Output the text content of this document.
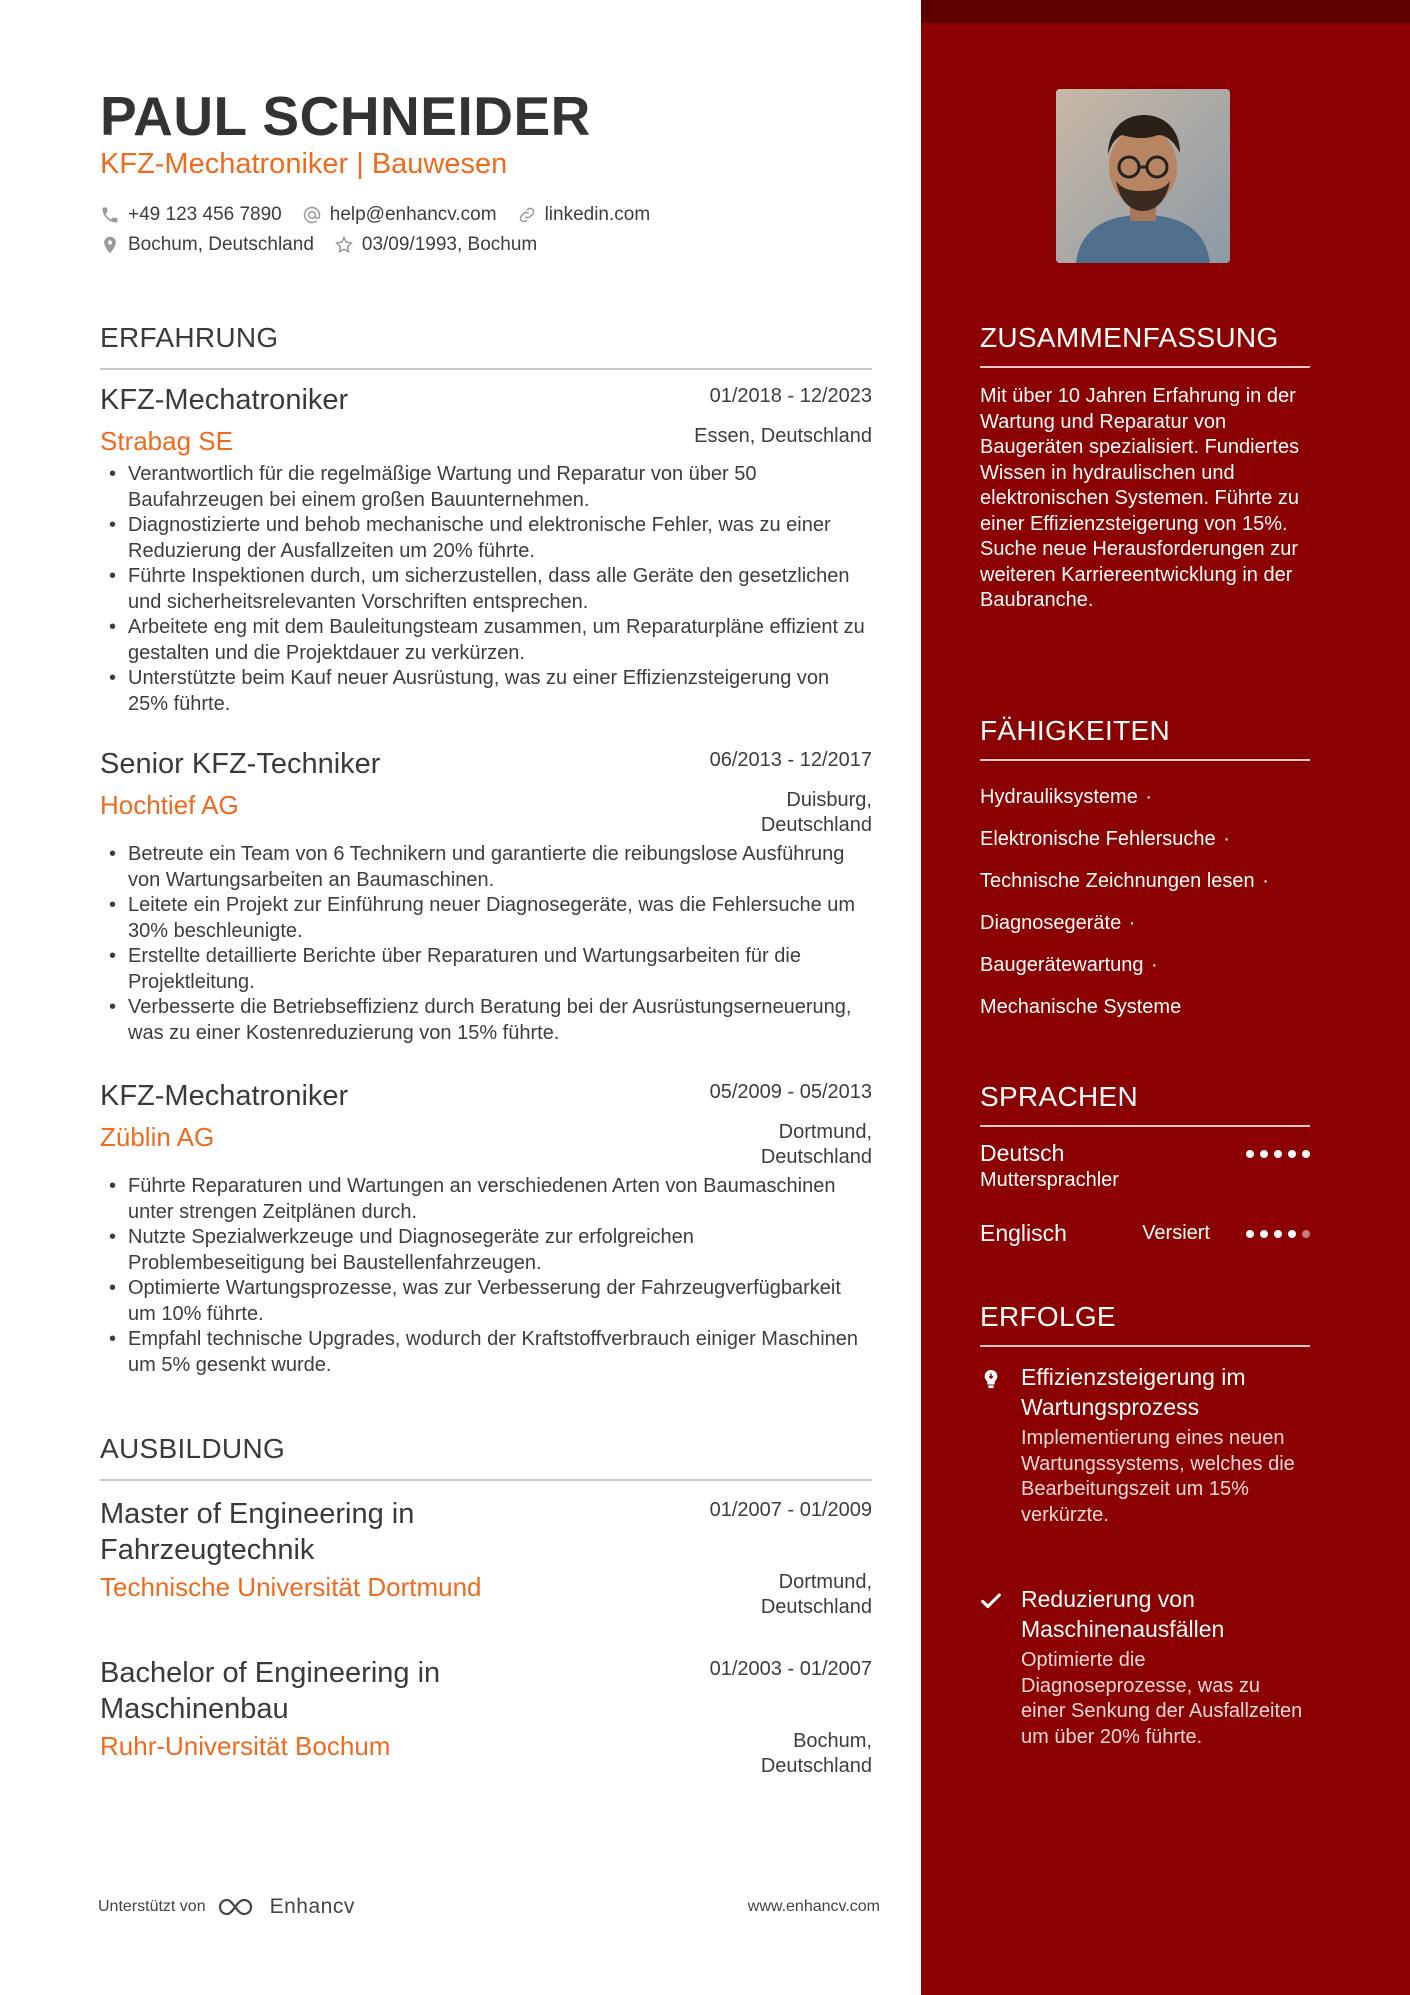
PAUL SCHNEIDER
KFZ-Mechatroniker | Bauwesen
+49 123 456 7890	help@enhancv.com	linkedin.com
Bochum, Deutschland	03/09/1993, Bochum
ERFAHRUNG
KFZ-Mechatroniker	01/2018 - 12/2023
Strabag SE	Essen, Deutschland
• Verantwortlich für die regelmäßige Wartung und Reparatur von über 50 Baufahrzeugen bei einem großen Bauunternehmen.
• Diagnostizierte und behob mechanische und elektronische Fehler, was zu einer Reduzierung der Ausfallzeiten um 20% führte.
• Führte Inspektionen durch, um sicherzustellen, dass alle Geräte den gesetzlichen und sicherheitsrelevanten Vorschriften entsprechen.
• Arbeitete eng mit dem Bauleitungsteam zusammen, um Reparaturpläne effizient zu gestalten und die Projektdauer zu verkürzen.
• Unterstützte beim Kauf neuer Ausrüstung, was zu einer Effizienzsteigerung von 25% führte.
Senior KFZ-Techniker	06/2013 - 12/2017
Hochtief AG	Duisburg,
Deutschland
• Betreute ein Team von 6 Technikern und garantierte die reibungslose Ausführung von Wartungsarbeiten an Baumaschinen.
• Leitete ein Projekt zur Einführung neuer Diagnosegeräte, was die Fehlersuche um 30% beschleunigte.
• Erstellte detaillierte Berichte über Reparaturen und Wartungsarbeiten für die Projektleitung.
• Verbesserte die Betriebseffizienz durch Beratung bei der Ausrüstungserneuerung, was zu einer Kostenreduzierung von 15% führte.
KFZ-Mechatroniker	05/2009 - 05/2013
Züblin AG	Dortmund,
Deutschland
• Führte Reparaturen und Wartungen an verschiedenen Arten von Baumaschinen unter strengen Zeitplänen durch.
• Nutzte Spezialwerkzeuge und Diagnosegeräte zur erfolgreichen Problembeseitigung bei Baustellenfahrzeugen.
• Optimierte Wartungsprozesse, was zur Verbesserung der Fahrzeugverfügbarkeit um 10% führte.
• Empfahl technische Upgrades, wodurch der Kraftstoffverbrauch einiger Maschinen um 5% gesenkt wurde.
AUSBILDUNG
Master of Engineering in
Fahrzeugtechnik
01/2007 - 01/2009
Technische Universität Dortmund	Dortmund,
Deutschland
Bachelor of Engineering in
Maschinenbau
01/2003 - 01/2007
Ruhr-Universität Bochum	Bochum,
Deutschland
Unterstützt von	Enhancv	www.enhancv.com
ZUSAMMENFASSUNG
Mit über 10 Jahren Erfahrung in der Wartung und Reparatur von Baugeräten spezialisiert. Fundiertes Wissen in hydraulischen und elektronischen Systemen. Führte zu einer Effizienzsteigerung von 15%. Suche neue Herausforderungen zur weiteren Karriereentwicklung in der Baubranche.
FÄHIGKEITEN
Hydrauliksysteme ·
Elektronische Fehlersuche ·
Technische Zeichnungen lesen ·
Diagnosegeräte ·
Baugerätewartung ·
Mechanische Systeme
SPRACHEN
Deutsch
Muttersprachler
Englisch	Versiert
ERFOLGE
Effizienzsteigerung im Wartungsprozess
Implementierung eines neuen Wartungssystems, welches die Bearbeitungszeit um 15% verkürzte.
Reduzierung von Maschinenausfällen
Optimierte die Diagnoseprozesse, was zu einer Senkung der Ausfallzeiten um über 20% führte.
